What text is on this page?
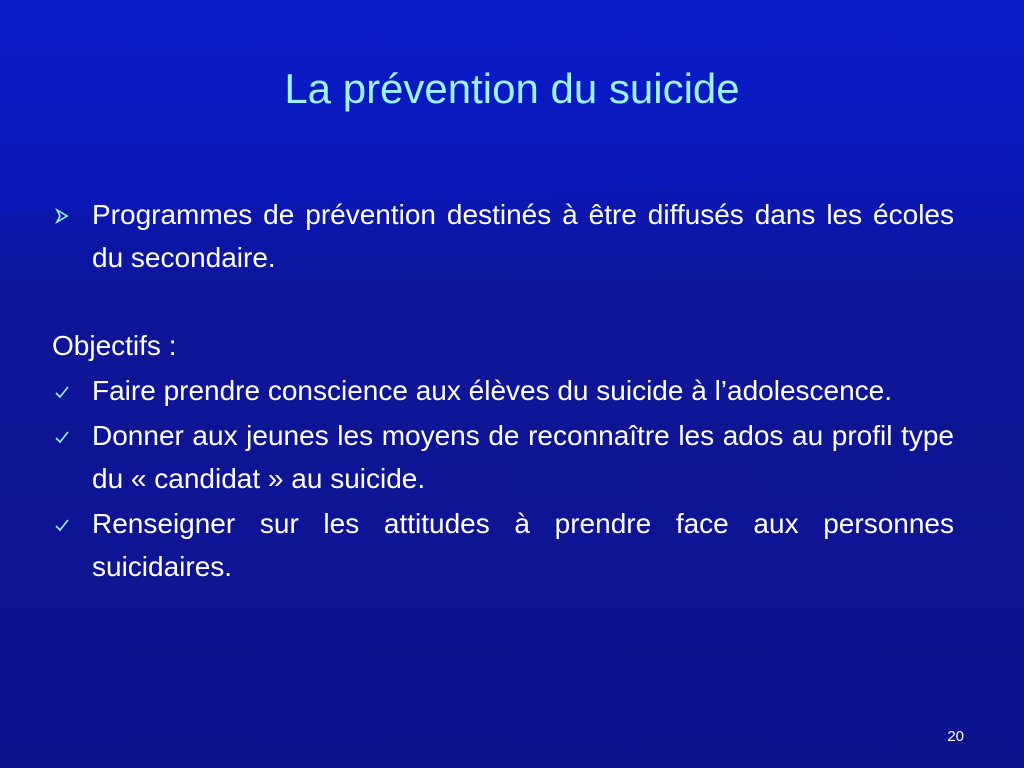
La prévention du suicide
Programmes de prévention destinés à être diffusés dans les écoles du secondaire.
Objectifs :
Faire prendre conscience aux élèves du suicide à l’adolescence.
Donner aux jeunes les moyens de reconnaître les ados au profil type du « candidat » au suicide.
Renseigner sur les attitudes à prendre face aux personnes suicidaires.
20
